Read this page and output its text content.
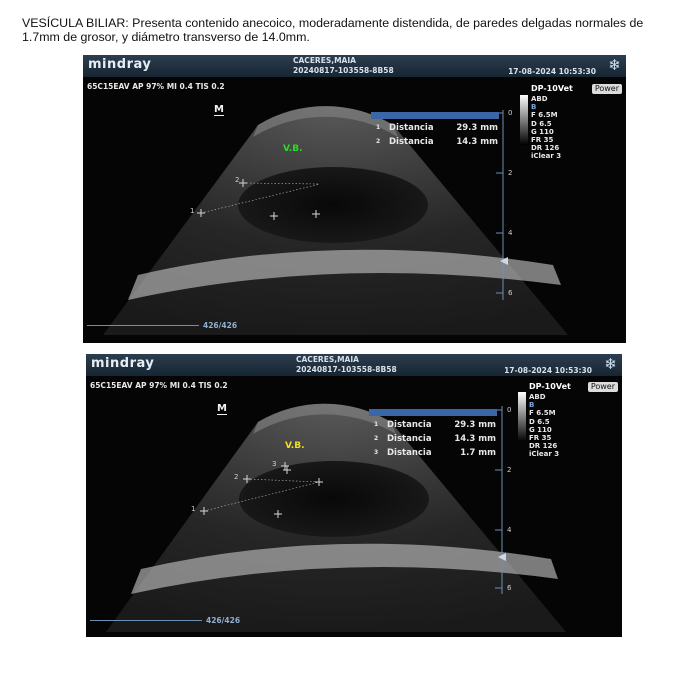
VESÍCULA BILIAR: Presenta contenido anecoico, moderadamente distendida, de paredes delgadas normales de 1.7mm de grosor, y diámetro transverso de 14.0mm.
mindray	CACERES,MAIA
20240817-103558-8B58	17-08-2024 10:53:30 ❄
65C15EAV AP 97% MI 0.4 TIS 0.2
M
V.B.
2
1
1 Distancia	29.3 mm
2 Distancia	14.3 mm
DP-10Vet	Power
ABD
B
F 6.5M
D 6.5
G 110
FR 35
DR 126
iClear 3
0
2
4
6
426/426
mindray	CACERES,MAIA
20240817-103558-8B58	17-08-2024 10:53:30 ❄
65C15EAV AP 97% MI 0.4 TIS 0.2
M
V.B.
3
2
1
1 Distancia	29.3 mm
2 Distancia	14.3 mm
3 Distancia	1.7 mm
DP-10Vet	Power
ABD
B
F 6.5M
D 6.5
G 110
FR 35
DR 126
iClear 3
0
2
4
6
426/426
